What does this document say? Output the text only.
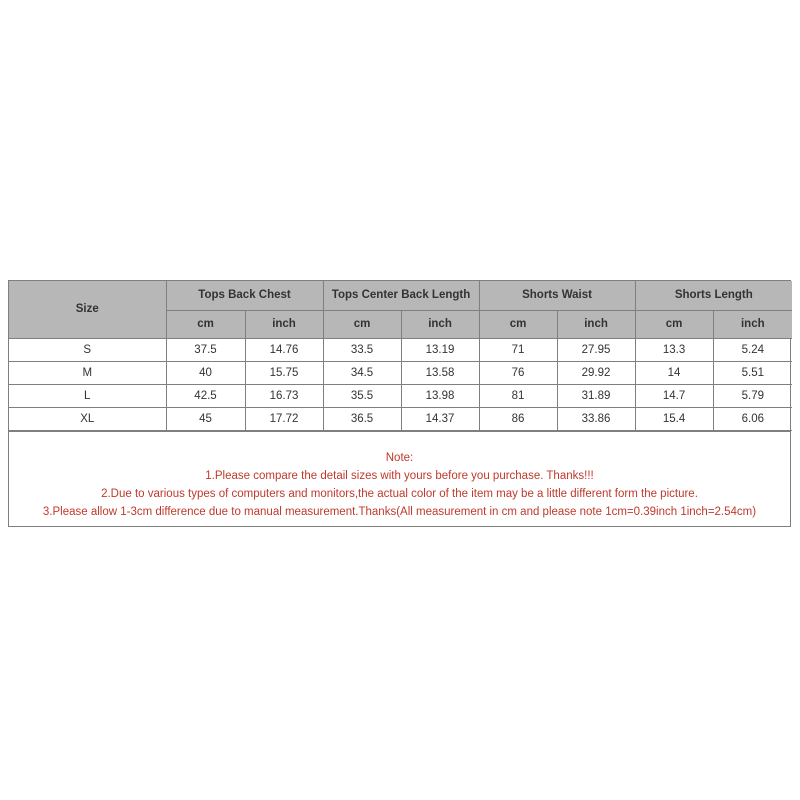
Size	Tops Back Chest		Tops Center Back Length		Shorts Waist		Shorts Length	
	cm	inch	cm	inch	cm	inch	cm	inch
S	37.5	14.76	33.5	13.19	71	27.95	13.3	5.24
M	40	15.75	34.5	13.58	76	29.92	14	5.51
L	42.5	16.73	35.5	13.98	81	31.89	14.7	5.79
XL	45	17.72	36.5	14.37	86	33.86	15.4	6.06
Note:
1.Please compare the detail sizes with yours before you purchase. Thanks!!!
2.Due to various types of computers and monitors,the actual color of the item may be a little different form the picture.
3.Please allow 1-3cm difference due to manual measurement.Thanks(All measurement in cm and please note 1cm=0.39inch 1inch=2.54cm)
